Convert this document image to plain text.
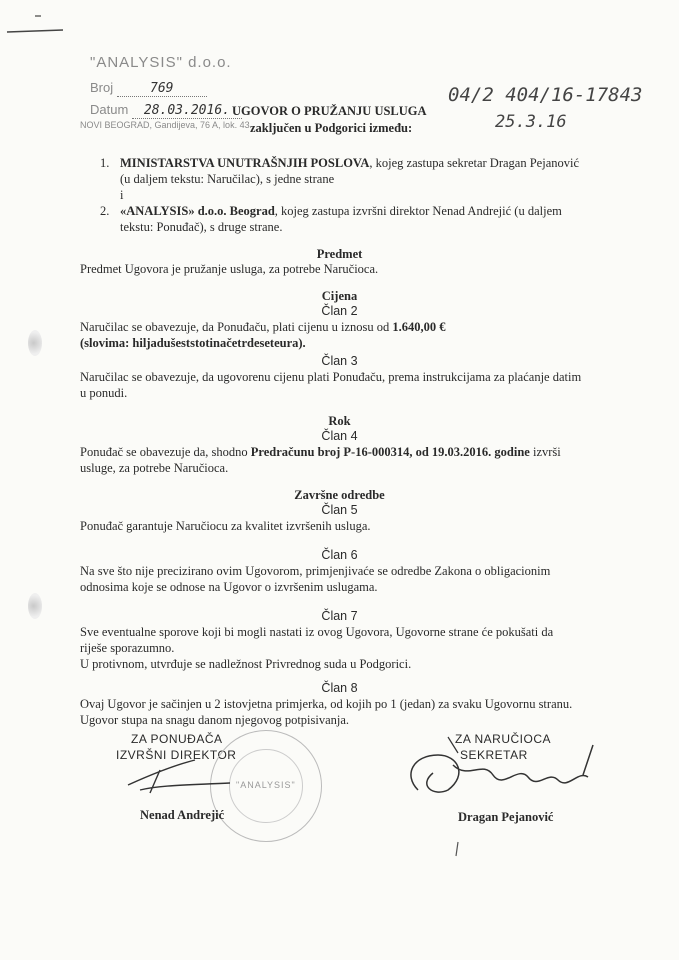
"ANALYSIS" d.o.o.
Broj	769
Datum 28.03.2016.
NOVI BEOGRAD, Gandijeva, 76 A, lok. 43
04/2 404/16-17843
25.3.16
UGOVOR O PRUŽANJU USLUGA
zaključen u Podgorici između:
1. MINISTARSTVA UNUTRAŠNJIH POSLOVA, kojeg zastupa sekretar Dragan Pejanović
(u daljem tekstu: Naručilac), s jedne strane
i
2. «ANALYSIS» d.o.o. Beograd, kojeg zastupa izvršni direktor Nenad Andrejić (u daljem
tekstu: Ponuđač), s druge strane.
Predmet
Predmet Ugovora je pružanje usluga, za potrebe Naručioca.
Cijena
Član 2
Naručilac se obavezuje, da Ponuđaču, plati cijenu u iznosu od 1.640,00 €
(slovima: hiljadušeststotinačetrdeseteura).
Član 3
Naručilac se obavezuje, da ugovorenu cijenu plati Ponuđaču, prema instrukcijama za plaćanje datim
u ponudi.
Rok
Član 4
Ponuđač se obavezuje da, shodno Predračunu broj P-16-000314, od 19.03.2016. godine izvrši
usluge, za potrebe Naručioca.
Završne odredbe
Član 5
Ponuđač garantuje Naručiocu za kvalitet izvršenih usluga.
Član 6
Na sve što nije precizirano ovim Ugovorom, primjenjivaće se odredbe Zakona o obligacionim
odnosima koje se odnose na Ugovor o izvršenim uslugama.
Član 7
Sve eventualne sporove koji bi mogli nastati iz ovog Ugovora, Ugovorne strane će pokušati da
riješe sporazumno.
U protivnom, utvrđuje se nadležnost Privrednog suda u Podgorici.
Član 8
Ovaj Ugovor je sačinjen u 2 istovjetna primjerka, od kojih po 1 (jedan) za svaku Ugovornu stranu.
Ugovor stupa na snagu danom njegovog potpisivanja.
ZA PONUĐAČA
IZVRŠNI DIREKTOR
"ANALYSIS"
Nenad Andrejić
ZA NARUČIOCA
SEKRETAR
Dragan Pejanović
